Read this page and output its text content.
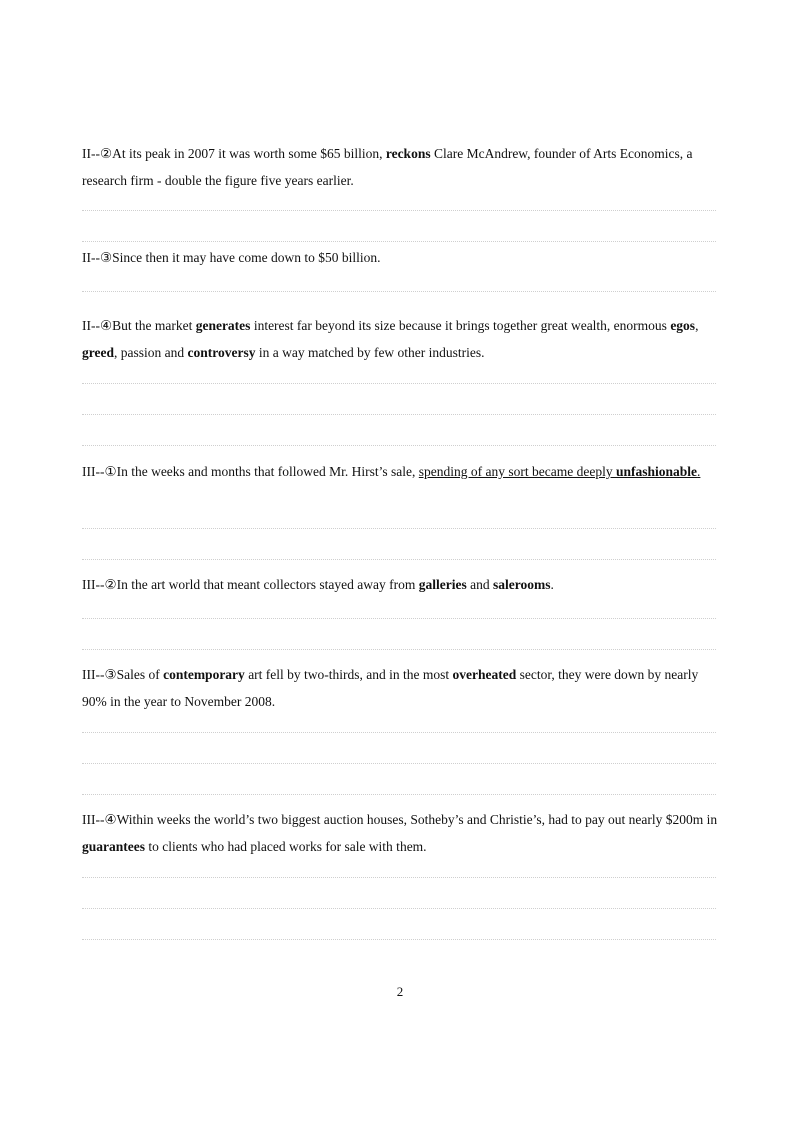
II--②At its peak in 2007 it was worth some $65 billion, reckons Clare McAndrew, founder of Arts Economics, a research firm - double the figure five years earlier.

II--③Since then it may have come down to $50 billion.

II--④But the market generates interest far beyond its size because it brings together great wealth, enormous egos, greed, passion and controversy in a way matched by few other industries.

III--①In the weeks and months that followed Mr. Hirst’s sale, spending of any sort became deeply unfashionable.

III--②In the art world that meant collectors stayed away from galleries and salerooms.

III--③Sales of contemporary art fell by two-thirds, and in the most overheated sector, they were down by nearly 90% in the year to November 2008.

III--④Within weeks the world’s two biggest auction houses, Sotheby’s and Christie’s, had to pay out nearly $200m in guarantees to clients who had placed works for sale with them.

2
